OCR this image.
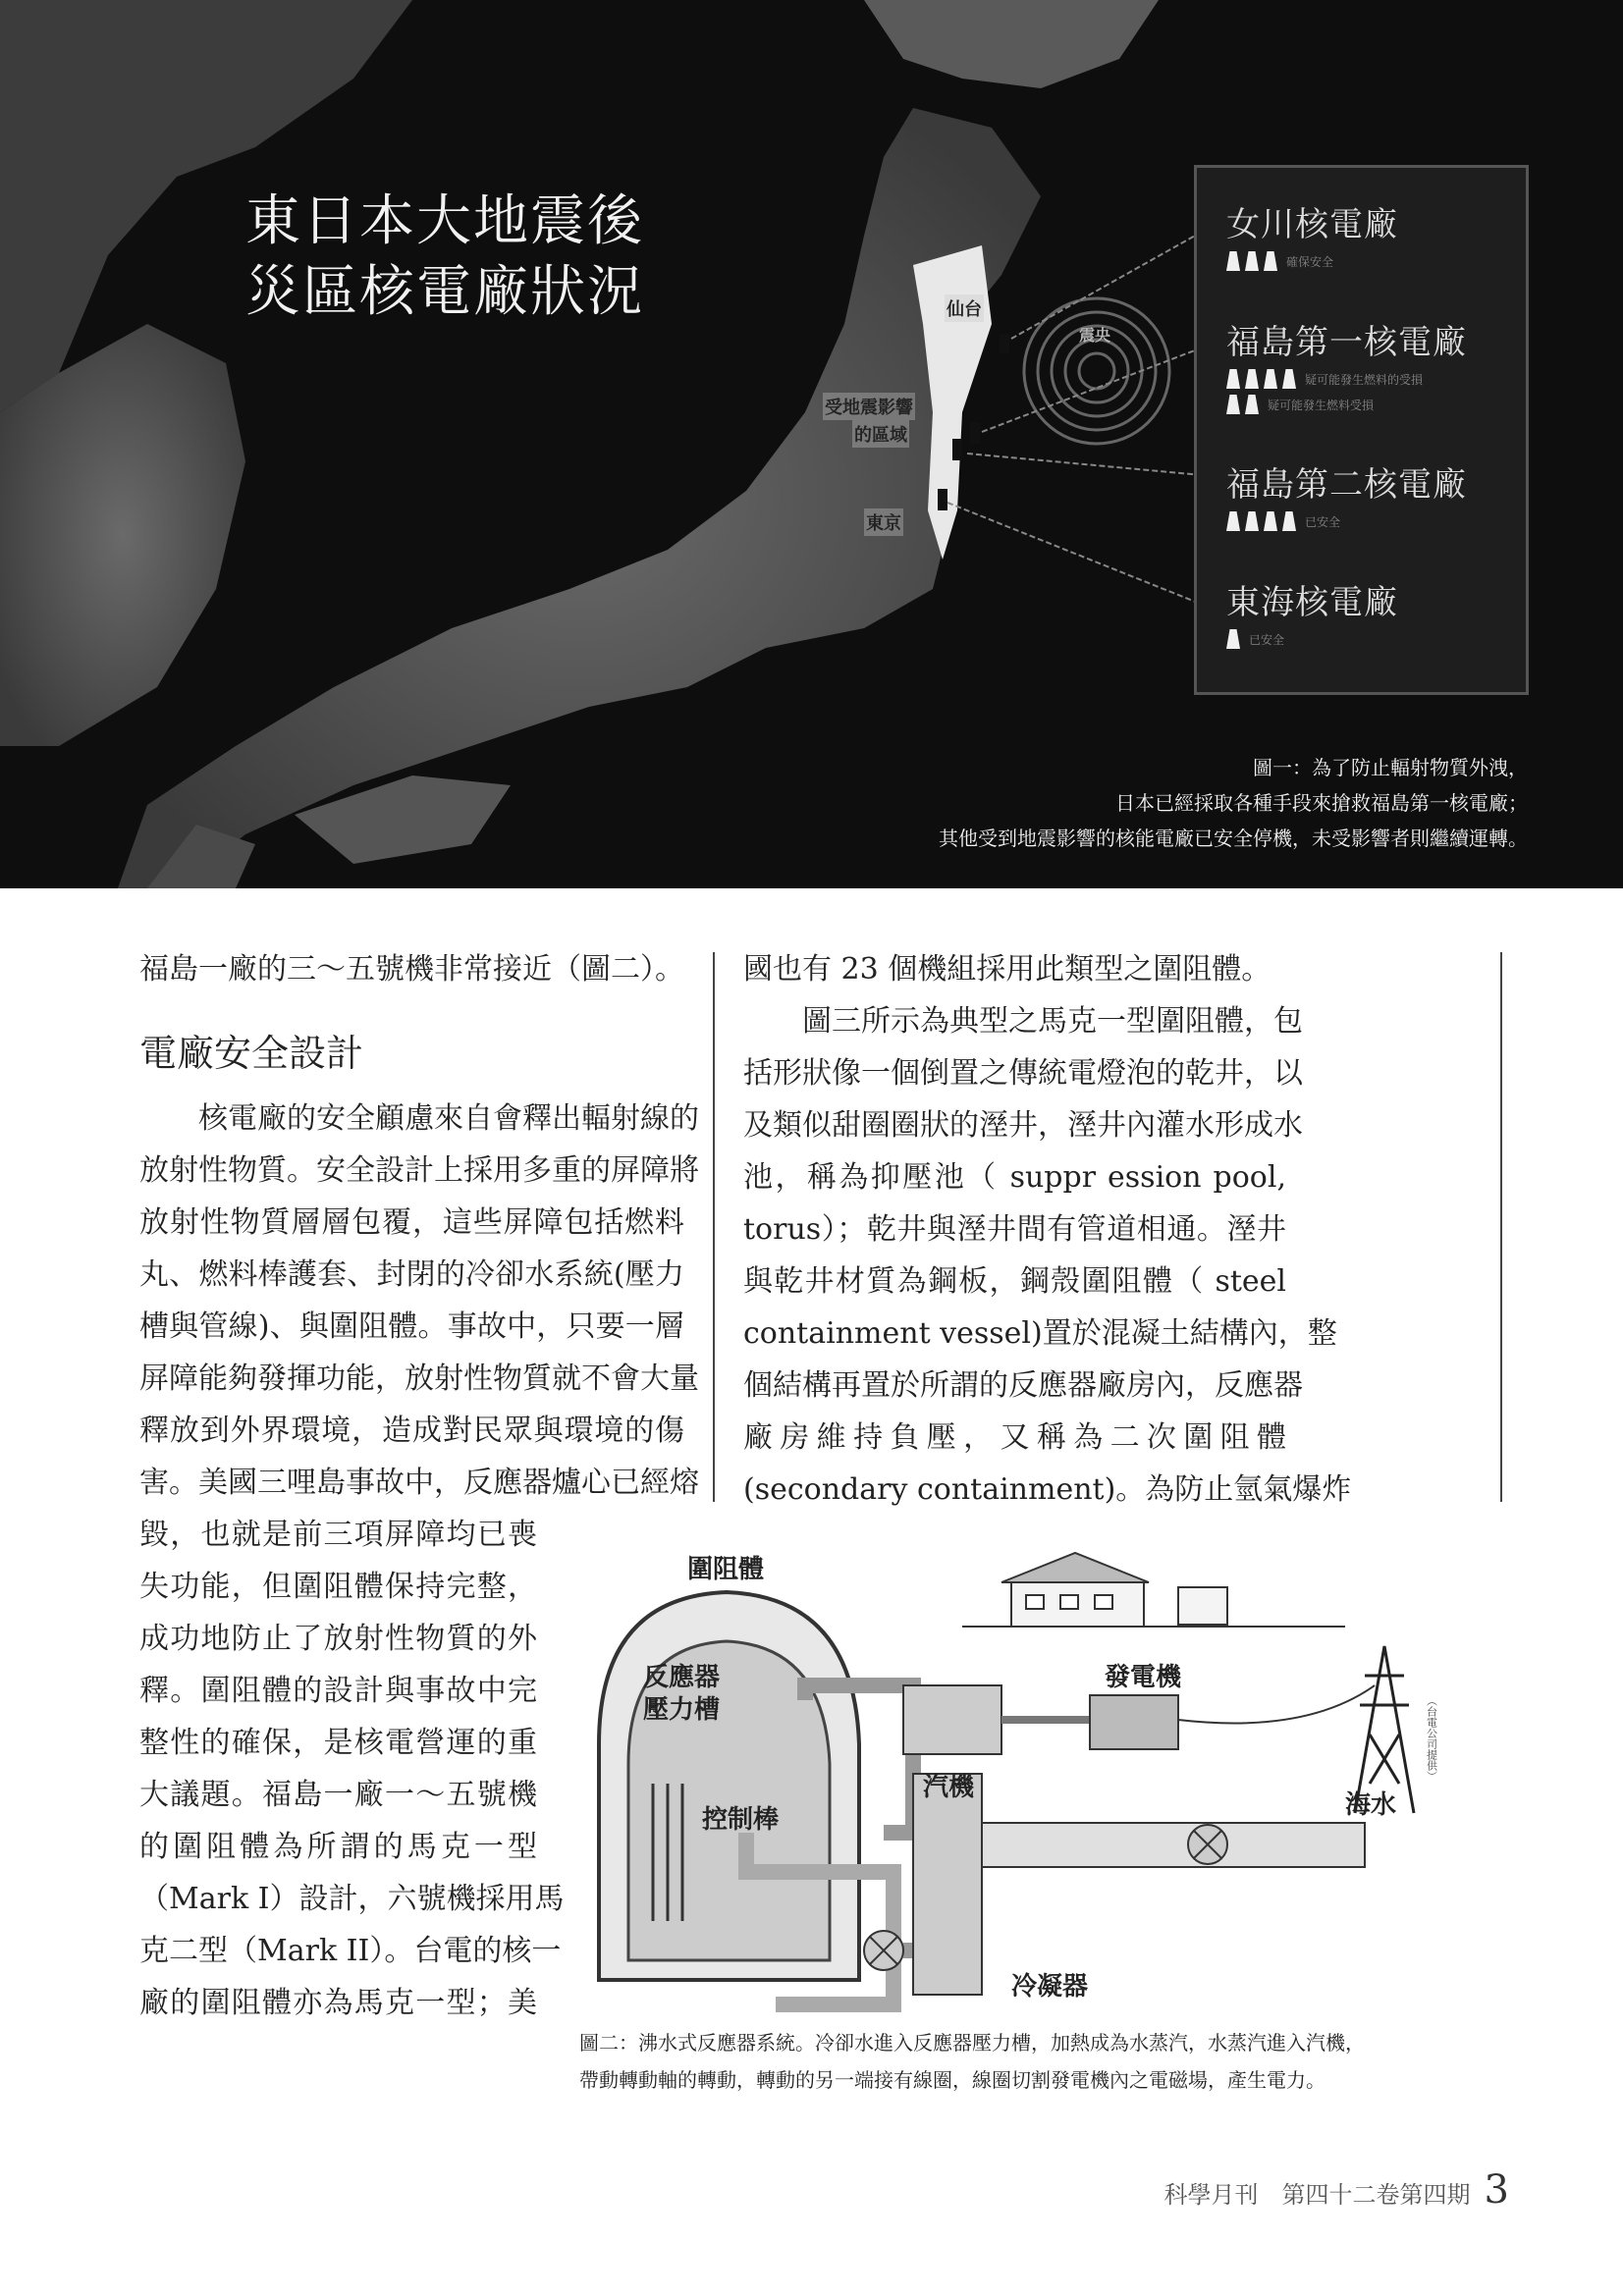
東日本大地震後
災區核電廠狀況	仙台
震央
受地震影響
的區域
東京
女川核電廠
確保安全
福島第一核電廠
疑可能發生燃料的受損
疑可能發生燃料受損
福島第二核電廠
已安全
東海核電廠
已安全
圖一：為了防止輻射物質外洩，
日本已經採取各種手段來搶救福島第一核電廠；
其他受到地震影響的核能電廠已安全停機，未受影響者則繼續運轉。
福島一廠的三～五號機非常接近（圖二）。
電廠安全設計
　　核電廠的安全顧慮來自會釋出輻射線的
放射性物質。安全設計上採用多重的屏障將
放射性物質層層包覆，這些屏障包括燃料
丸、燃料棒護套、封閉的冷卻水系統(壓力
槽與管線)、與圍阻體。事故中，只要一層
屏障能夠發揮功能，放射性物質就不會大量
釋放到外界環境，造成對民眾與環境的傷
害。美國三哩島事故中，反應器爐心已經熔
毀，也就是前三項屏障均已喪
失功能，但圍阻體保持完整，
成功地防止了放射性物質的外
釋。圍阻體的設計與事故中完
整性的確保，是核電營運的重
大議題。福島一廠一～五號機
的圍阻體為所謂的馬克一型
（Mark I）設計，六號機採用馬
克二型（Mark II）。台電的核一
廠的圍阻體亦為馬克一型；美
國也有 23 個機組採用此類型之圍阻體。
　　圖三所示為典型之馬克一型圍阻體，包
括形狀像一個倒置之傳統電燈泡的乾井，以
及類似甜圈圈狀的溼井，溼井內灌水形成水
池，稱為抑壓池（ suppr ession pool,
torus）；乾井與溼井間有管道相通。溼井
與乾井材質為鋼板，鋼殼圍阻體（ steel
containment vessel)置於混凝土結構內，整
個結構再置於所謂的反應器廠房內，反應器
廠房維持負壓，又稱為二次圍阻體
(secondary containment)。為防止氫氣爆炸
圍阻體
反應器
壓力槽
控制棒
發電機
汽機
海水
冷凝器
（台電公司提供）
圖二：沸水式反應器系統。冷卻水進入反應器壓力槽，加熱成為水蒸汽，水蒸汽進入汽機，
帶動轉動軸的轉動，轉動的另一端接有線圈，線圈切割發電機內之電磁場，產生電力。
科學月刊　第四十二卷第四期 3
